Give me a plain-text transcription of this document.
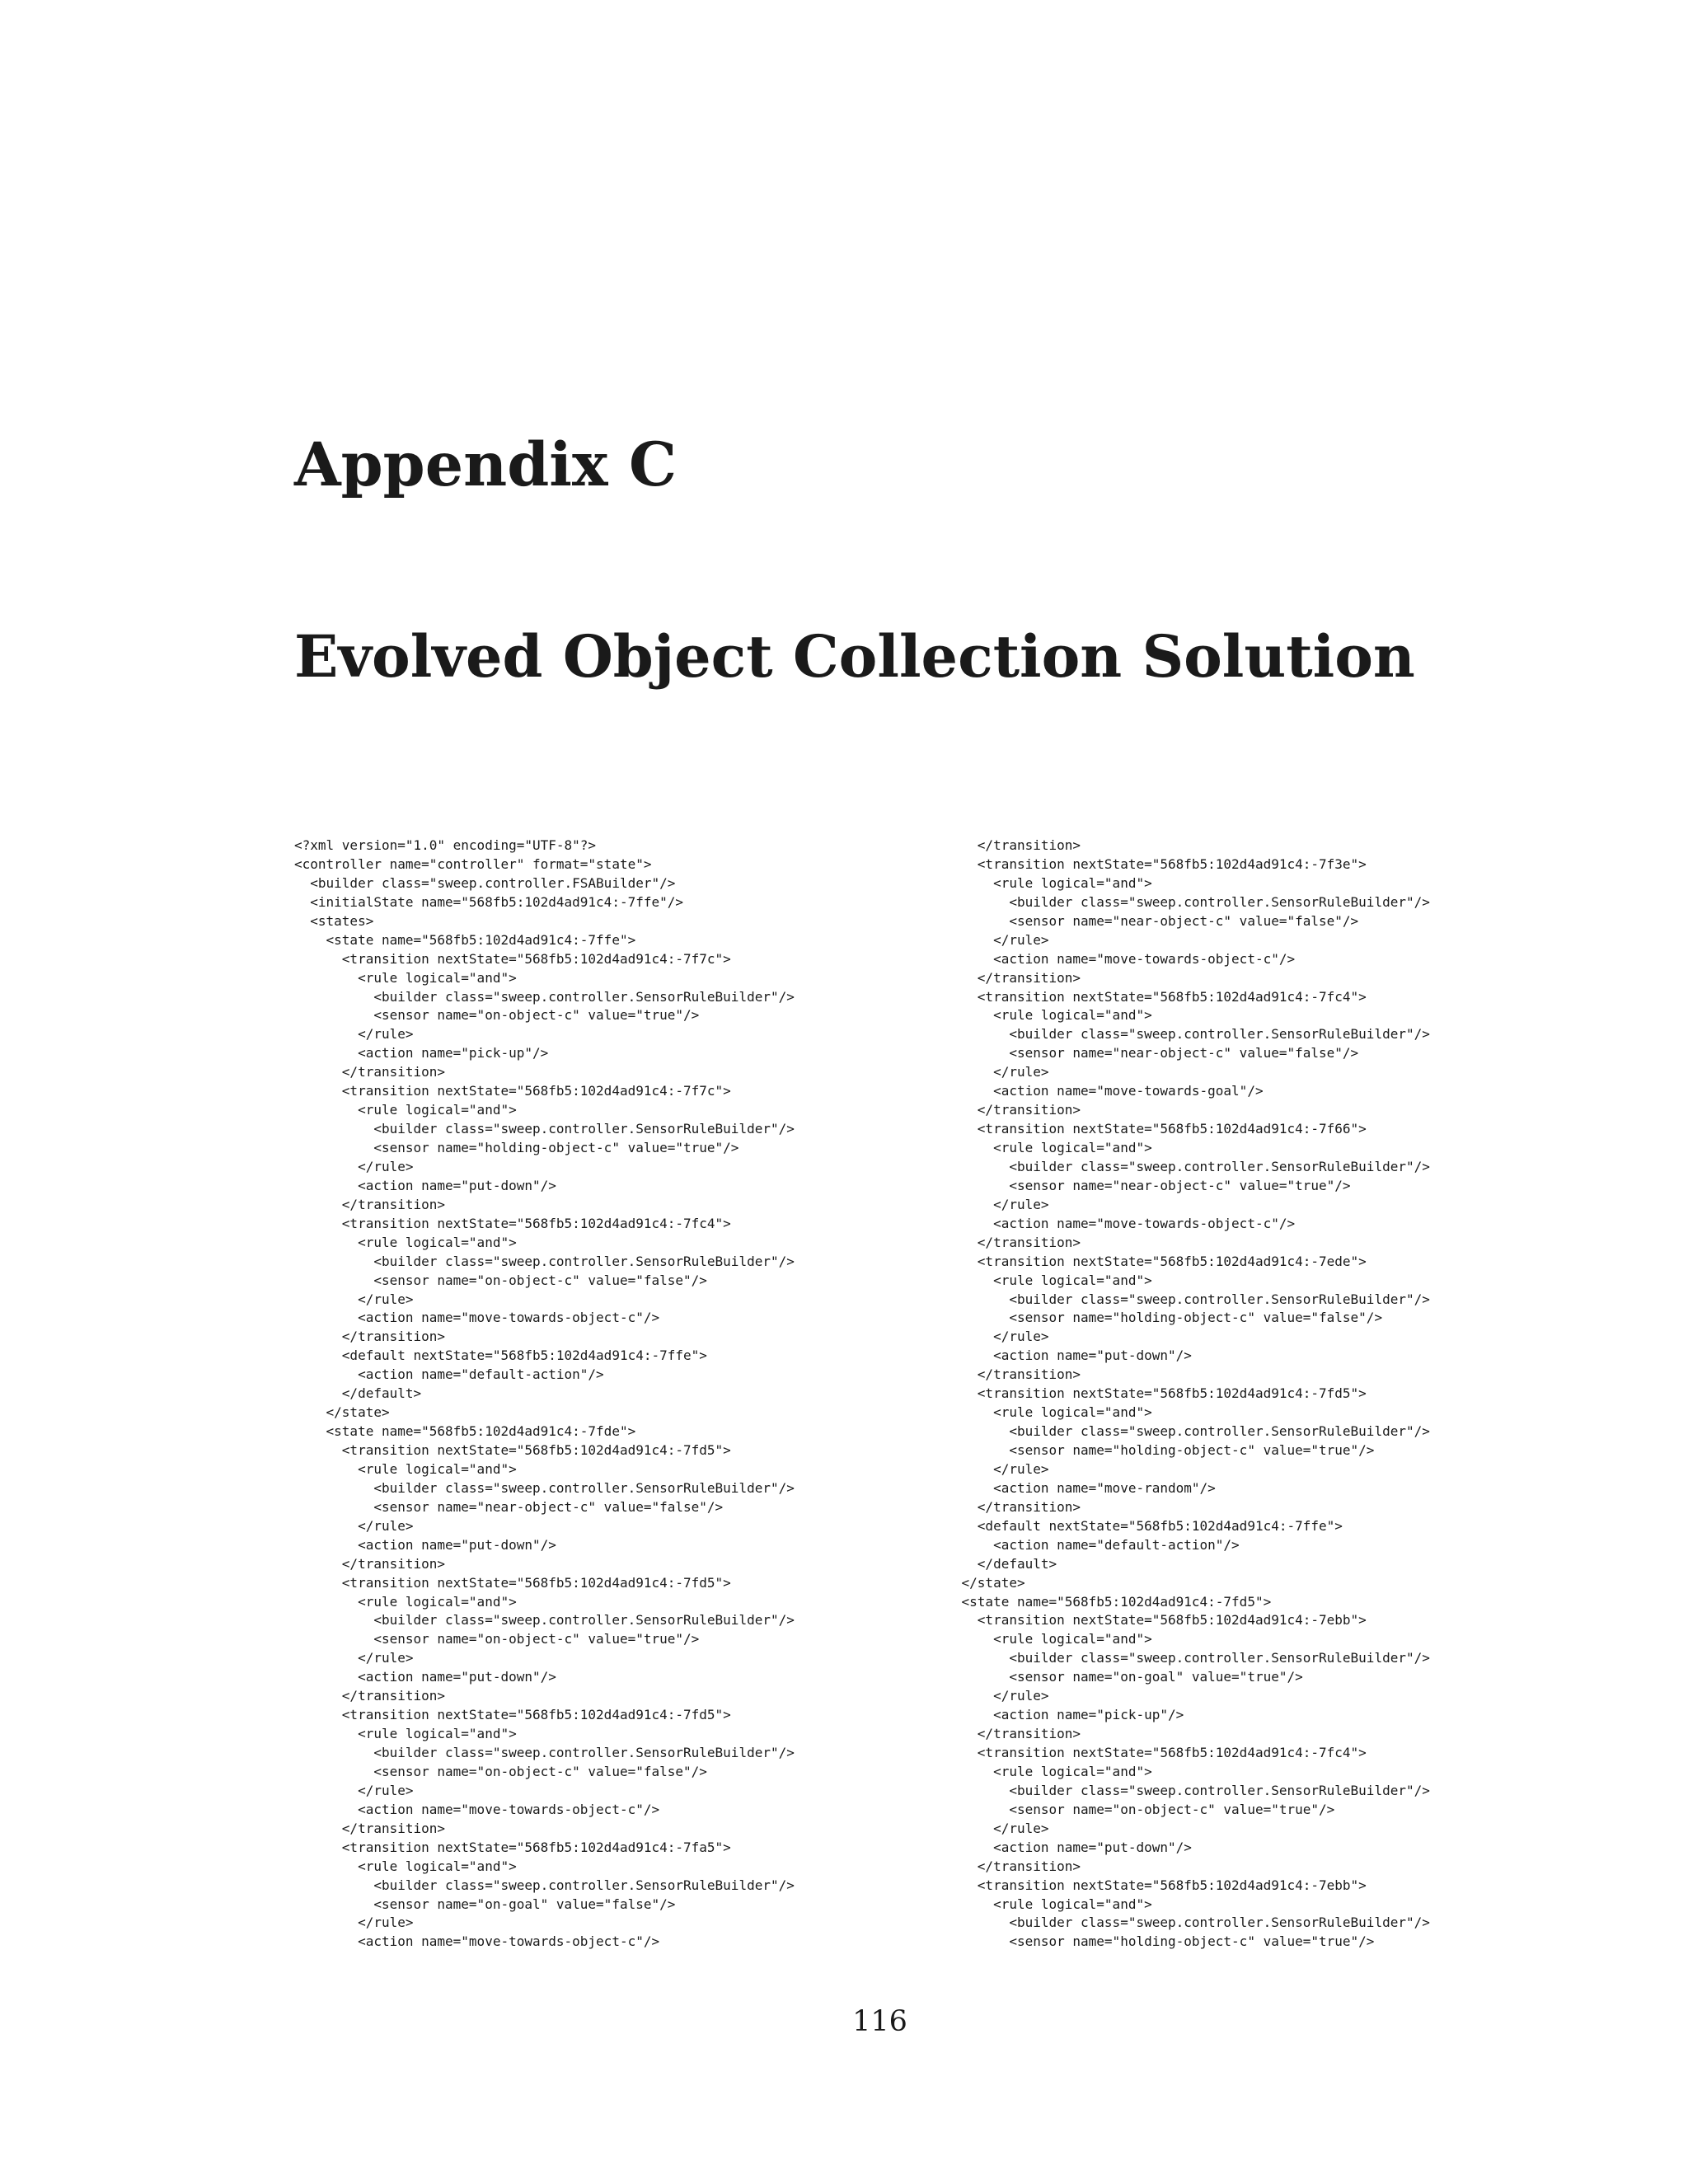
Appendix C
Evolved Object Collection Solution
<?xml version="1.0" encoding="UTF-8"?>
<controller name="controller" format="state">
<builder class="sweep.controller.FSABuilder"/>
<initialState name="568fb5:102d4ad91c4:-7ffe"/>
<states>
<state name="568fb5:102d4ad91c4:-7ffe">
<transition nextState="568fb5:102d4ad91c4:-7f7c">
<rule logical="and">
<builder class="sweep.controller.SensorRuleBuilder"/>
<sensor name="on-object-c" value="true"/>
</rule>
<action name="pick-up"/>
</transition>
<transition nextState="568fb5:102d4ad91c4:-7f7c">
<rule logical="and">
<builder class="sweep.controller.SensorRuleBuilder"/>
<sensor name="holding-object-c" value="true"/>
</rule>
<action name="put-down"/>
</transition>
<transition nextState="568fb5:102d4ad91c4:-7fc4">
<rule logical="and">
<builder class="sweep.controller.SensorRuleBuilder"/>
<sensor name="on-object-c" value="false"/>
</rule>
<action name="move-towards-object-c"/>
</transition>
<default nextState="568fb5:102d4ad91c4:-7ffe">
<action name="default-action"/>
</default>
</state>
<state name="568fb5:102d4ad91c4:-7fde">
<transition nextState="568fb5:102d4ad91c4:-7fd5">
<rule logical="and">
<builder class="sweep.controller.SensorRuleBuilder"/>
<sensor name="near-object-c" value="false"/>
</rule>
<action name="put-down"/>
</transition>
<transition nextState="568fb5:102d4ad91c4:-7fd5">
<rule logical="and">
<builder class="sweep.controller.SensorRuleBuilder"/>
<sensor name="on-object-c" value="true"/>
</rule>
<action name="put-down"/>
</transition>
<transition nextState="568fb5:102d4ad91c4:-7fd5">
<rule logical="and">
<builder class="sweep.controller.SensorRuleBuilder"/>
<sensor name="on-object-c" value="false"/>
</rule>
<action name="move-towards-object-c"/>
</transition>
<transition nextState="568fb5:102d4ad91c4:-7fa5">
<rule logical="and">
<builder class="sweep.controller.SensorRuleBuilder"/>
<sensor name="on-goal" value="false"/>
</rule>
<action name="move-towards-object-c"/>
</transition>
<transition nextState="568fb5:102d4ad91c4:-7f3e">
<rule logical="and">
<builder class="sweep.controller.SensorRuleBuilder"/>
<sensor name="near-object-c" value="false"/>
</rule>
<action name="move-towards-object-c"/>
</transition>
<transition nextState="568fb5:102d4ad91c4:-7fc4">
<rule logical="and">
<builder class="sweep.controller.SensorRuleBuilder"/>
<sensor name="near-object-c" value="false"/>
</rule>
<action name="move-towards-goal"/>
</transition>
<transition nextState="568fb5:102d4ad91c4:-7f66">
<rule logical="and">
<builder class="sweep.controller.SensorRuleBuilder"/>
<sensor name="near-object-c" value="true"/>
</rule>
<action name="move-towards-object-c"/>
</transition>
<transition nextState="568fb5:102d4ad91c4:-7ede">
<rule logical="and">
<builder class="sweep.controller.SensorRuleBuilder"/>
<sensor name="holding-object-c" value="false"/>
</rule>
<action name="put-down"/>
</transition>
<transition nextState="568fb5:102d4ad91c4:-7fd5">
<rule logical="and">
<builder class="sweep.controller.SensorRuleBuilder"/>
<sensor name="holding-object-c" value="true"/>
</rule>
<action name="move-random"/>
</transition>
<default nextState="568fb5:102d4ad91c4:-7ffe">
<action name="default-action"/>
</default>
</state>
<state name="568fb5:102d4ad91c4:-7fd5">
<transition nextState="568fb5:102d4ad91c4:-7ebb">
<rule logical="and">
<builder class="sweep.controller.SensorRuleBuilder"/>
<sensor name="on-goal" value="true"/>
</rule>
<action name="pick-up"/>
</transition>
<transition nextState="568fb5:102d4ad91c4:-7fc4">
<rule logical="and">
<builder class="sweep.controller.SensorRuleBuilder"/>
<sensor name="on-object-c" value="true"/>
</rule>
<action name="put-down"/>
</transition>
<transition nextState="568fb5:102d4ad91c4:-7ebb">
<rule logical="and">
<builder class="sweep.controller.SensorRuleBuilder"/>
<sensor name="holding-object-c" value="true"/>
116
